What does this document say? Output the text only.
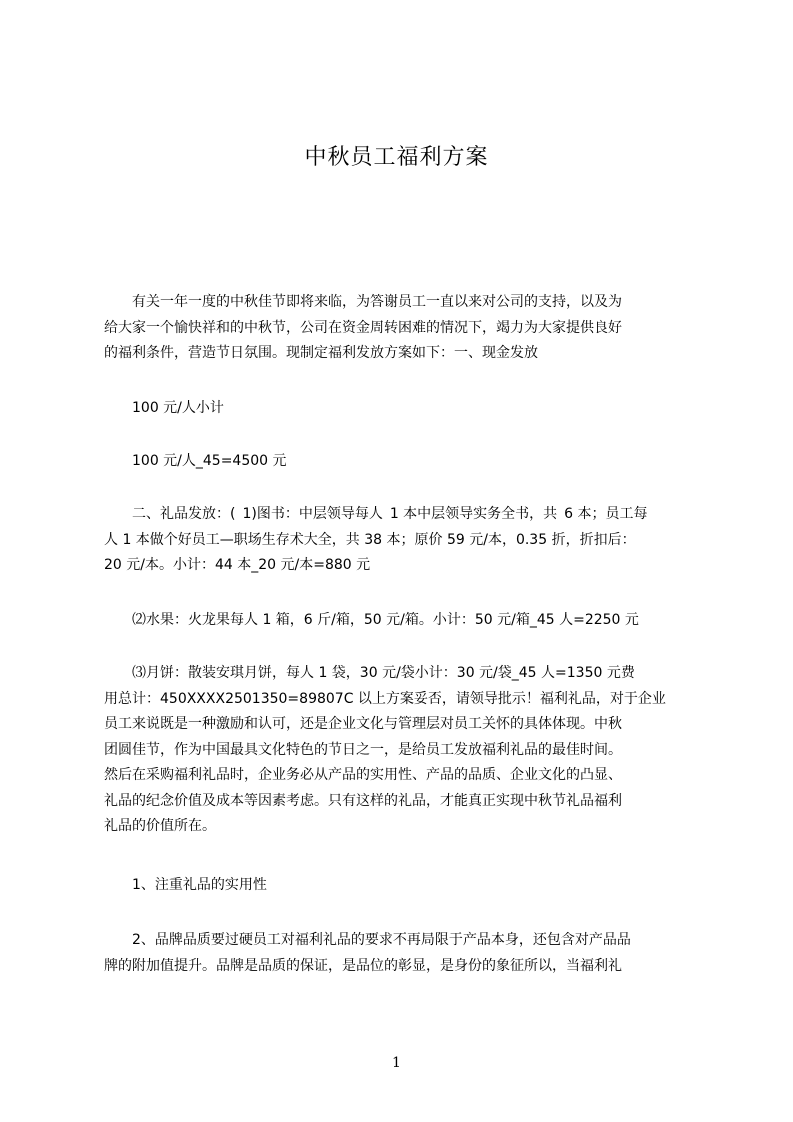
中秋员工福利方案
　　有关一年一度的中秋佳节即将来临，为答谢员工一直以来对公司的支持，以及为
给大家一个愉快祥和的中秋节，公司在资金周转困难的情况下，竭力为大家提供良好
的福利条件，营造节日氛围。现制定福利发放方案如下：一、现金发放
　　100 元/人小计
　　100 元/人_45=4500 元
　　二、礼品发放：( 1)图书：中层领导每人 1 本中层领导实务全书，共 6 本；员工每
人 1 本做个好员工—职场生存术大全，共 38 本；原价 59 元/本，0.35 折，折扣后：
20 元/本。小计：44 本_20 元/本=880 元
　　⑵水果：火龙果每人 1 箱，6 斤/箱，50 元/箱。小计：50 元/箱_45 人=2250 元
　　⑶月饼：散装安琪月饼，每人 1 袋，30 元/袋小计：30 元/袋_45 人=1350 元费
用总计：450XXXX2501350=89807C 以上方案妥否，请领导批示！福利礼品，对于企业
员工来说既是一种激励和认可，还是企业文化与管理层对员工关怀的具体体现。中秋
团圆佳节，作为中国最具文化特色的节日之一，是给员工发放福利礼品的最佳时间。
然后在采购福利礼品时，企业务必从产品的实用性、产品的品质、企业文化的凸显、
礼品的纪念价值及成本等因素考虑。只有这样的礼品，才能真正实现中秋节礼品福利
礼品的价值所在。
　　1、注重礼品的实用性
　　2、品牌品质要过硬员工对福利礼品的要求不再局限于产品本身，还包含对产品品
牌的附加值提升。品牌是品质的保证，是品位的彰显，是身份的象征所以，当福利礼
1
